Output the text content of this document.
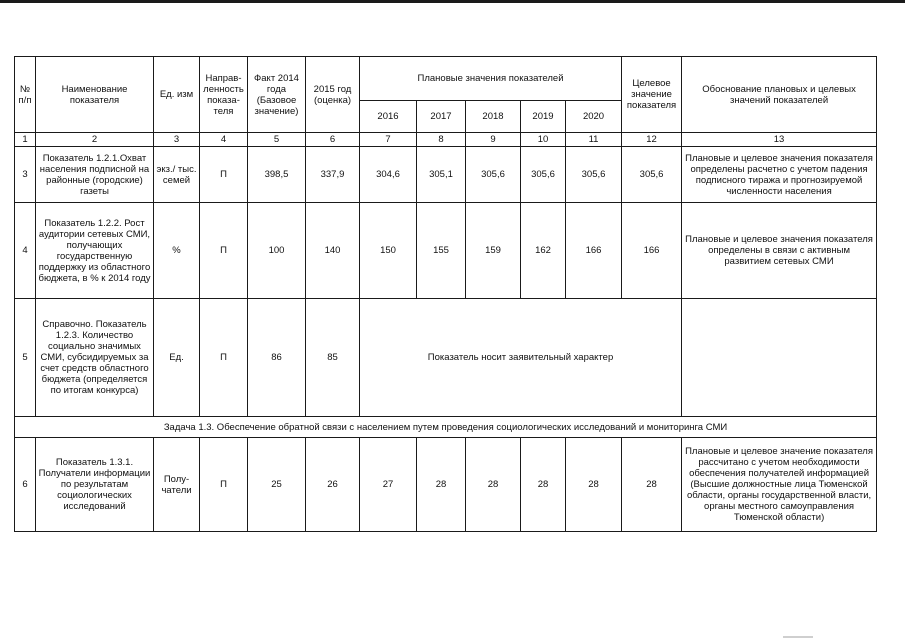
№ п/п	Наименование показателя	Ед. изм	Направ-ленность показа-теля	Факт 2014 года (Базовое значение)	2015 год (оценка)	Плановые значения показателей					Целевое значение показателя	Обоснование плановых и целевых значений показателей
						2016	2017	2018	2019	2020		
1	2	3	4	5	6	7	8	9	10	11	12	13
3	Показатель 1.2.1.Охват населения подписной на районные (городские) газеты	экз./ тыс. семей	П	398,5	337,9	304,6	305,1	305,6	305,6	305,6	305,6	Плановые и целевое значения показателя определены расчетно с учетом падения подписного тиража и прогнозируемой численности населения
4	Показатель 1.2.2. Рост аудитории сетевых СМИ, получающих государственную поддержку из областного бюджета, в % к 2014 году	%	П	100	140	150	155	159	162	166	166	Плановые и целевое значения показателя определены в связи с активным развитием сетевых СМИ
5	Справочно. Показатель 1.2.3. Количество социально значимых СМИ, субсидируемых за счет средств областного бюджета (определяется по итогам конкурса)	Ед.	П	86	85	Показатель носит заявительный характер						
Задача 1.3. Обеспечение обратной связи с населением путем проведения социологических исследований и мониторинга СМИ												
6	Показатель 1.3.1. Получатели информации по результатам социологических исследований	Полу-чатели	П	25	26	27	28	28	28	28	28	Плановые и целевое значение показателя рассчитано с учетом необходимости обеспечения получателей информацией (Высшие должностные лица Тюменской области, органы государственной власти, органы местного самоуправления Тюменской области)
